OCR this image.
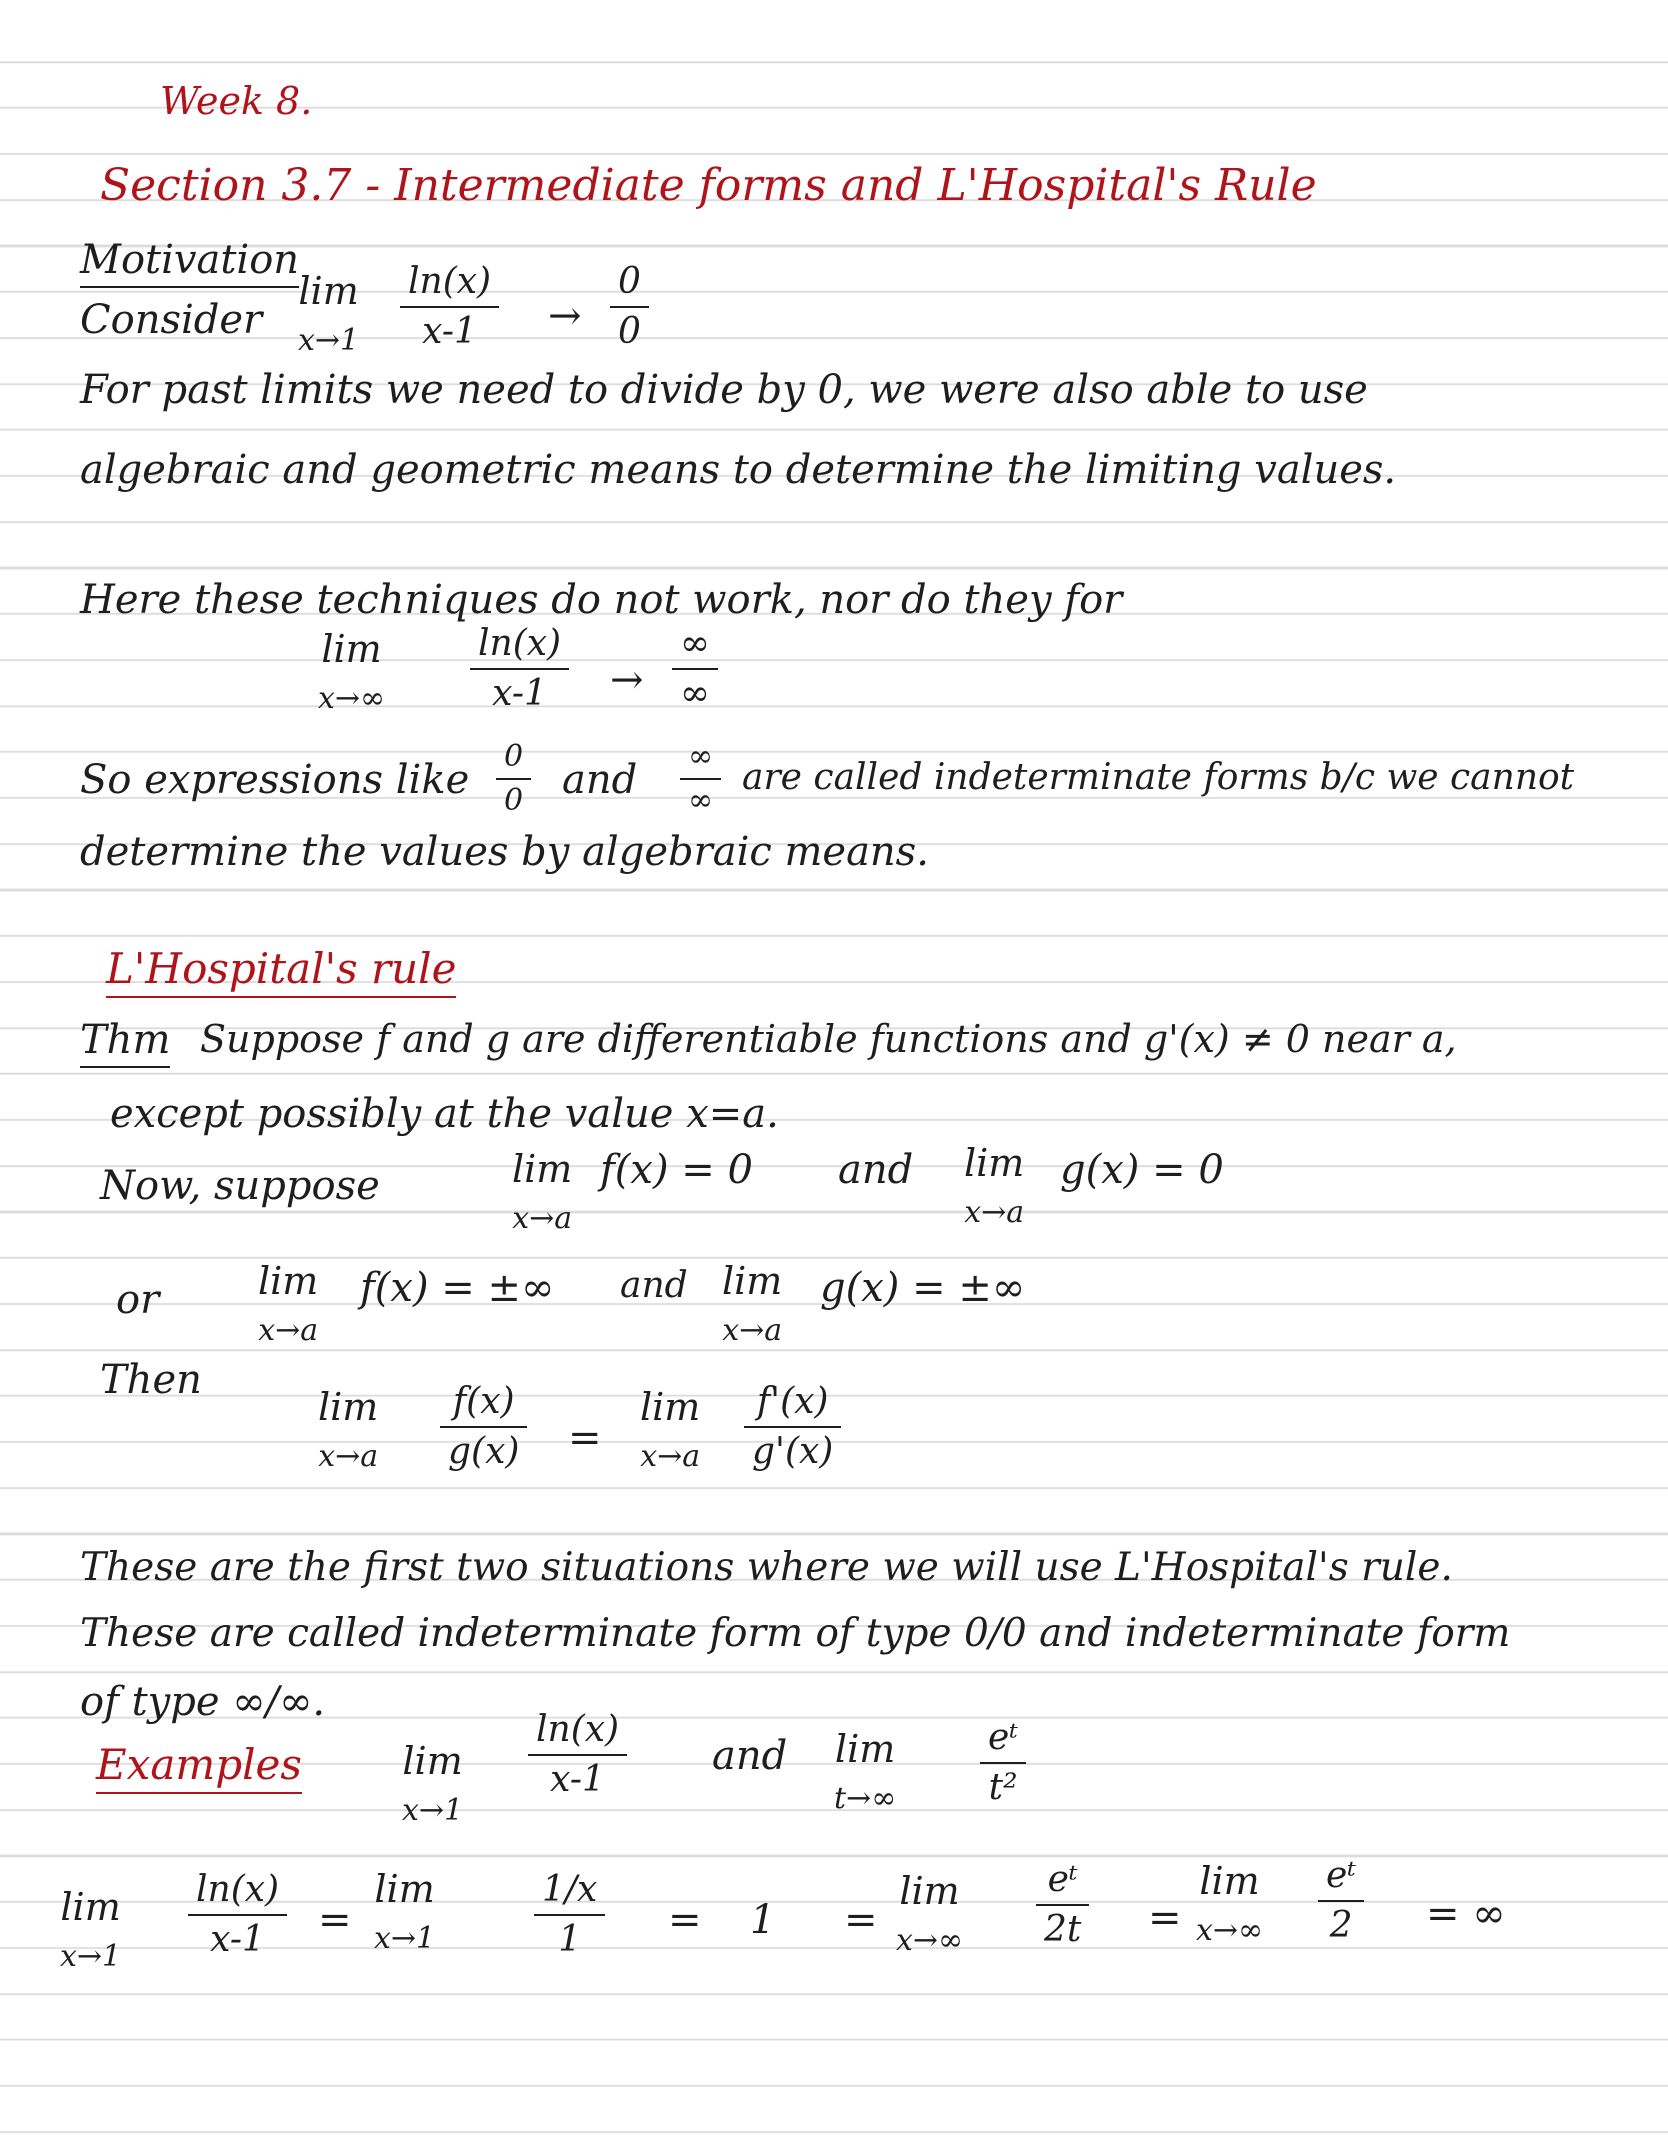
Week 8.
Section 3.7 - Intermediate forms and L'Hospital's Rule
Motivation
Consider
lim
x→1
ln(x)
x-1 →
0
0
For past limits we need to divide by 0, we were also able to use
algebraic and geometric means to determine the limiting values.
Here these techniques do not work, nor do they for
lim
x→∞
ln(x)
x-1 →
∞
∞
So expressions like
0
0 and
∞
∞
are called indeterminate forms b/c we cannot
determine the values by algebraic means.
L'Hospital's rule
Thm Suppose f and g are differentiable functions and g'(x) ≠ 0 near a,
except possibly at the value x=a.
Now, suppose	lim
x→a
f(x) = 0 and lim
x→a
g(x) = 0
or	lim
x→a
f(x) = ±∞ and lim
x→a
g(x) = ±∞
Then
lim
x→a
f(x)
g(x) =
lim
x→a
f'(x)
g'(x)
These are the first two situations where we will use L'Hospital's rule.
These are called indeterminate form of type 0/0 and indeterminate form
of type ∞/∞.
Examples	lim
x→1
ln(x)
x-1
and lim
t→∞
eᵗ
t²
lim
x→1
ln(x)
x-1 =
lim
x→1
1/x
1 = 1 =
lim
x→∞
eᵗ
2t =
lim
x→∞
eᵗ
2 = ∞
